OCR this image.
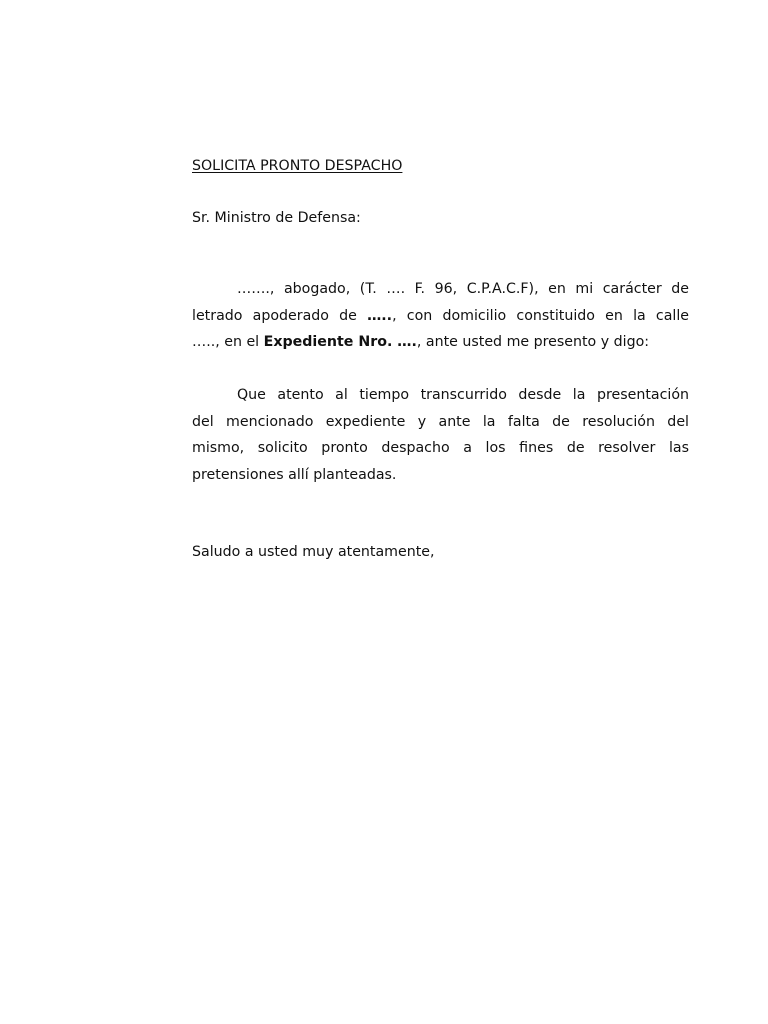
SOLICITA PRONTO DESPACHO
Sr. Ministro de Defensa:
……., abogado, (T. …. F. 96, C.P.A.C.F), en mi carácter de
letrado apoderado de ….., con domicilio constituido en la calle
….., en el Expediente Nro. …., ante usted me presento y digo:
Que atento al tiempo transcurrido desde la presentación
del mencionado expediente y ante la falta de resolución del
mismo, solicito pronto despacho a los fines de resolver las
pretensiones allí planteadas.
Saludo a usted muy atentamente,
